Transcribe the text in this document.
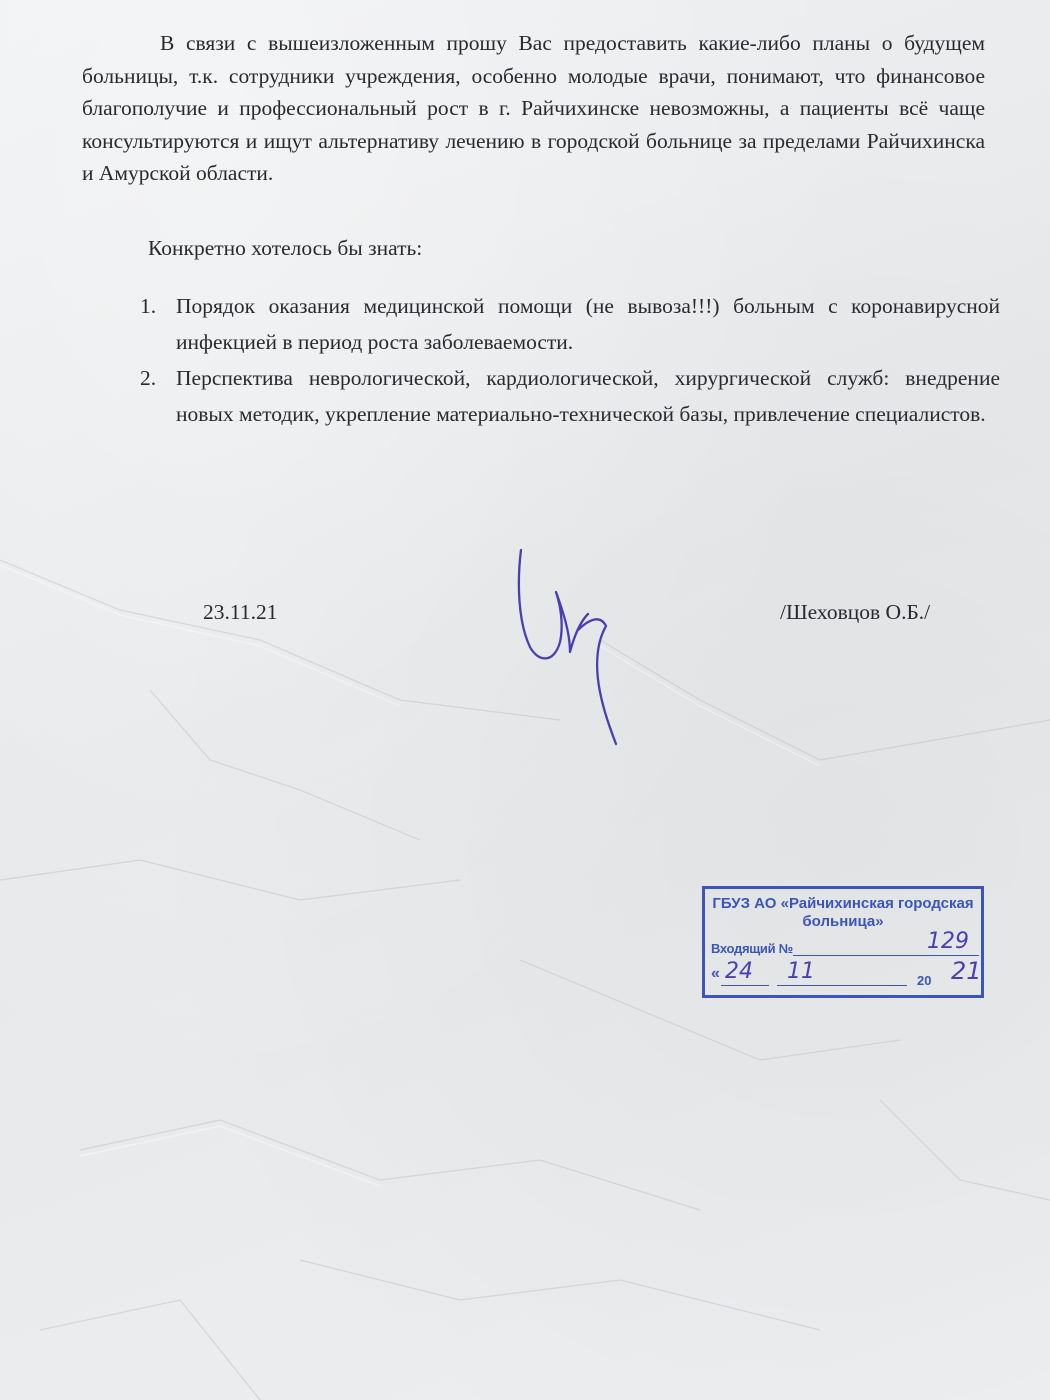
В связи с вышеизложенным прошу Вас предоставить какие-либо планы о будущем больницы, т.к. сотрудники учреждения, особенно молодые врачи, понимают, что финансовое благополучие и профессиональный рост в г. Райчихинске невозможны, а пациенты всё чаще консультируются и ищут альтернативу лечению в городской больнице за пределами Райчихинска и Амурской области.

Конкретно хотелось бы знать:

1. Порядок оказания медицинской помощи (не вывоза!!!) больным с коронавирусной инфекцией в период роста заболеваемости.
2. Перспектива неврологической, кардиологической, хирургической служб: внедрение новых методик, укрепление материально-технической базы, привлечение специалистов.

23.11.21	/Шеховцов О.Б./

ГБУЗ АО «Райчихинская городская больница»
Входящий №	129
« 24 11	20 21
